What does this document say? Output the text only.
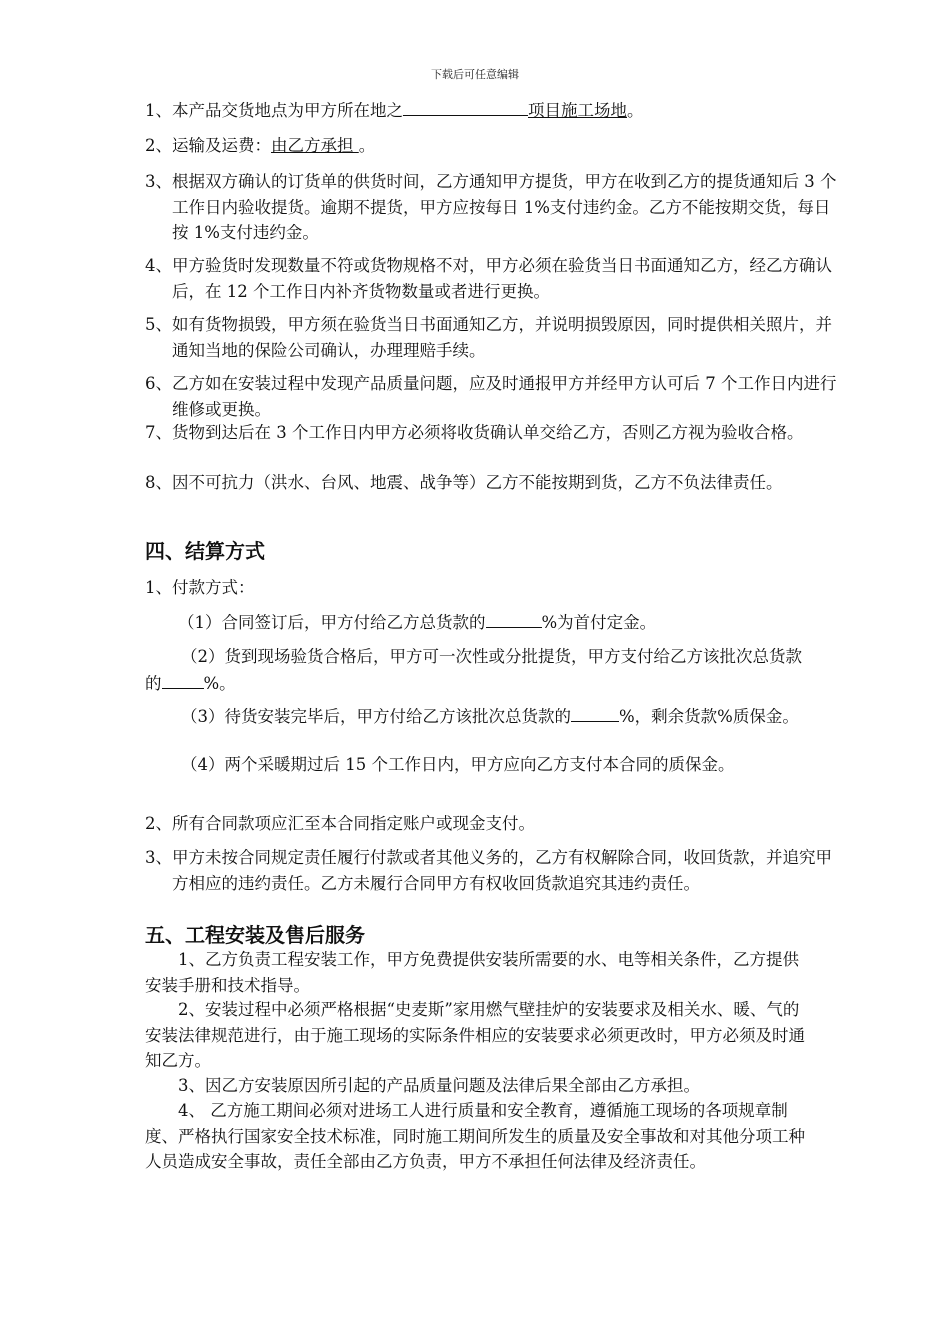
下载后可任意编辑
1、本产品交货地点为甲方所在地之	项目施工场地。
2、运输及运费：由乙方承担 。
3、根据双方确认的订货单的供货时间，乙方通知甲方提货，甲方在收到乙方的提货通知后 3 个工作日内验收提货。逾期不提货，甲方应按每日 1%支付违约金。乙方不能按期交货，每日按 1%支付违约金。
4、甲方验货时发现数量不符或货物规格不对，甲方必须在验货当日书面通知乙方，经乙方确认后，在 12 个工作日内补齐货物数量或者进行更换。
5、如有货物损毁，甲方须在验货当日书面通知乙方，并说明损毁原因，同时提供相关照片，并通知当地的保险公司确认，办理理赔手续。
6、乙方如在安装过程中发现产品质量问题，应及时通报甲方并经甲方认可后 7 个工作日内进行维修或更换。
7、货物到达后在 3 个工作日内甲方必须将收货确认单交给乙方，否则乙方视为验收合格。
8、因不可抗力（洪水、台风、地震、战争等）乙方不能按期到货，乙方不负法律责任。
四、结算方式
1、付款方式：
（1）合同签订后，甲方付给乙方总货款的	%为首付定金。
（2）货到现场验货合格后，甲方可一次性或分批提货，甲方支付给乙方该批次总货款的	%。
（3）待货安装完毕后，甲方付给乙方该批次总货款的	%，剩余货款%质保金。
（4）两个采暖期过后 15 个工作日内，甲方应向乙方支付本合同的质保金。
2、所有合同款项应汇至本合同指定账户或现金支付。
3、甲方未按合同规定责任履行付款或者其他义务的，乙方有权解除合同，收回货款，并追究甲方相应的违约责任。乙方未履行合同甲方有权收回货款追究其违约责任。
五、工程安装及售后服务
1、乙方负责工程安装工作，甲方免费提供安装所需要的水、电等相关条件，乙方提供安装手册和技术指导。
2、安装过程中必须严格根据“史麦斯”家用燃气壁挂炉的安装要求及相关水、暖、气的安装法律规范进行，由于施工现场的实际条件相应的安装要求必须更改时，甲方必须及时通知乙方。
3、因乙方安装原因所引起的产品质量问题及法律后果全部由乙方承担。
4、 乙方施工期间必须对进场工人进行质量和安全教育，遵循施工现场的各项规章制度、严格执行国家安全技术标准，同时施工期间所发生的质量及安全事故和对其他分项工种人员造成安全事故，责任全部由乙方负责，甲方不承担任何法律及经济责任。
